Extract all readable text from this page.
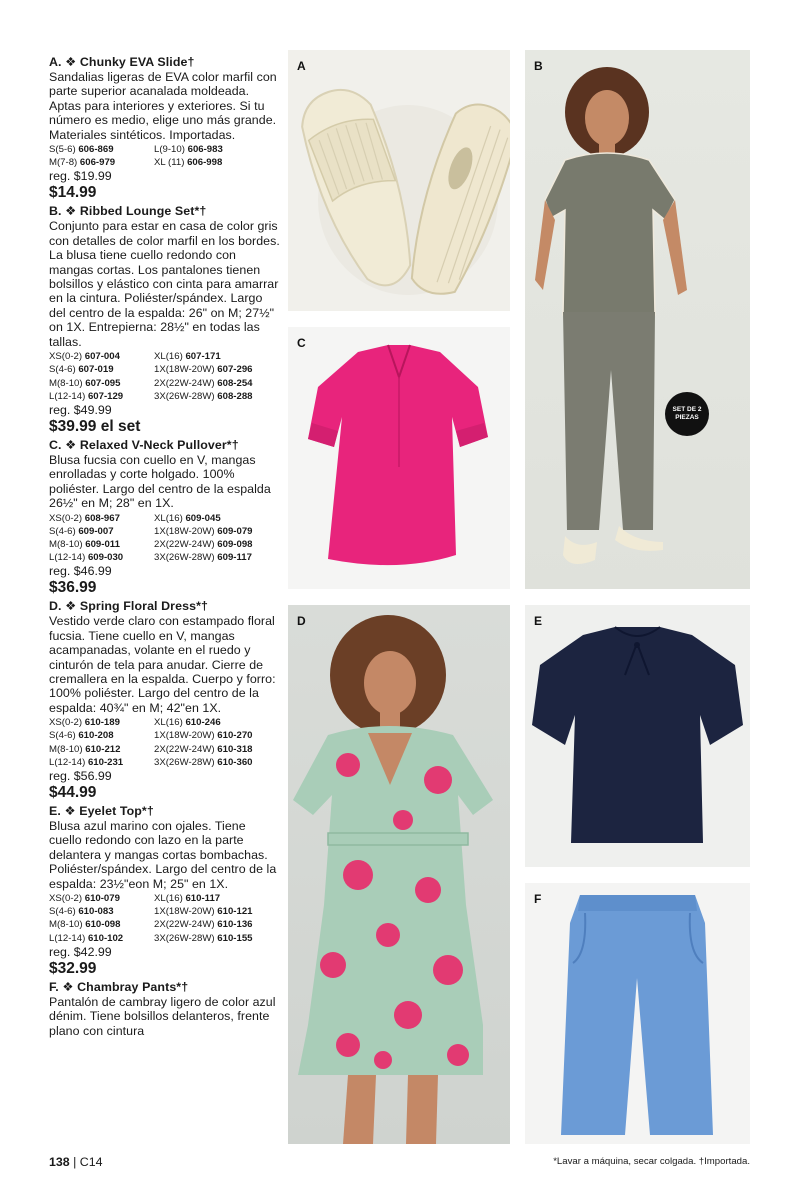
A. ❖ Chunky EVA Slide†
Sandalias ligeras de EVA color marfil con parte superior acanalada moldeada. Aptas para interiores y exteriores. Si tu número es medio, elige uno más grande. Materiales sintéticos. Importadas.
S(5-6) 606-869	L(9-10) 606-983
M(7-8) 606-979	XL (11) 606-998
reg. $19.99
$14.99
B. ❖ Ribbed Lounge Set*†
Conjunto para estar en casa de color gris con detalles de color marfil en los bordes. La blusa tiene cuello redondo con mangas cortas. Los pantalones tienen bolsillos y elástico con cinta para amarrar en la cintura. Poliéster/spándex. Largo del centro de la espalda: 26" on M; 27½" on 1X. Entrepierna: 28½" en todas las tallas.
XS(0-2) 607-004	XL(16) 607-171
S(4-6) 607-019	1X(18W-20W) 607-296
M(8-10) 607-095	2X(22W-24W) 608-254
L(12-14) 607-129	3X(26W-28W) 608-288
reg. $49.99
$39.99 el set
C. ❖ Relaxed V-Neck Pullover*†
Blusa fucsia con cuello en V, mangas enrolladas y corte holgado. 100% poliéster. Largo del centro de la espalda 26½" en M; 28" en 1X.
XS(0-2) 608-967	XL(16) 609-045
S(4-6) 609-007	1X(18W-20W) 609-079
M(8-10) 609-011	2X(22W-24W) 609-098
L(12-14) 609-030	3X(26W-28W) 609-117
reg. $46.99
$36.99
D. ❖ Spring Floral Dress*†
Vestido verde claro con estampado floral fucsia. Tiene cuello en V, mangas acampanadas, volante en el ruedo y cinturón de tela para anudar. Cierre de cremallera en la espalda. Cuerpo y forro: 100% poliéster. Largo del centro de la espalda: 40¾" en M; 42"en 1X.
XS(0-2) 610-189	XL(16) 610-246
S(4-6) 610-208	1X(18W-20W) 610-270
M(8-10) 610-212	2X(22W-24W) 610-318
L(12-14) 610-231	3X(26W-28W) 610-360
reg. $56.99
$44.99
E. ❖ Eyelet Top*†
Blusa azul marino con ojales. Tiene cuello redondo con lazo en la parte delantera y mangas cortas bombachas. Poliéster/spándex. Largo del centro de la espalda: 23½"eon M; 25" en 1X.
XS(0-2) 610-079	XL(16) 610-117
S(4-6) 610-083	1X(18W-20W) 610-121
M(8-10) 610-098	2X(22W-24W) 610-136
L(12-14) 610-102	3X(26W-28W) 610-155
reg. $42.99
$32.99
F. ❖ Chambray Pants*†
Pantalón de cambray ligero de color azul dénim. Tiene bolsillos delanteros, frente plano con cintura
A	B
SET DE 2
PIEZAS
C
D	E
F
138 | C14	*Lavar a máquina, secar colgada. †Importada.
